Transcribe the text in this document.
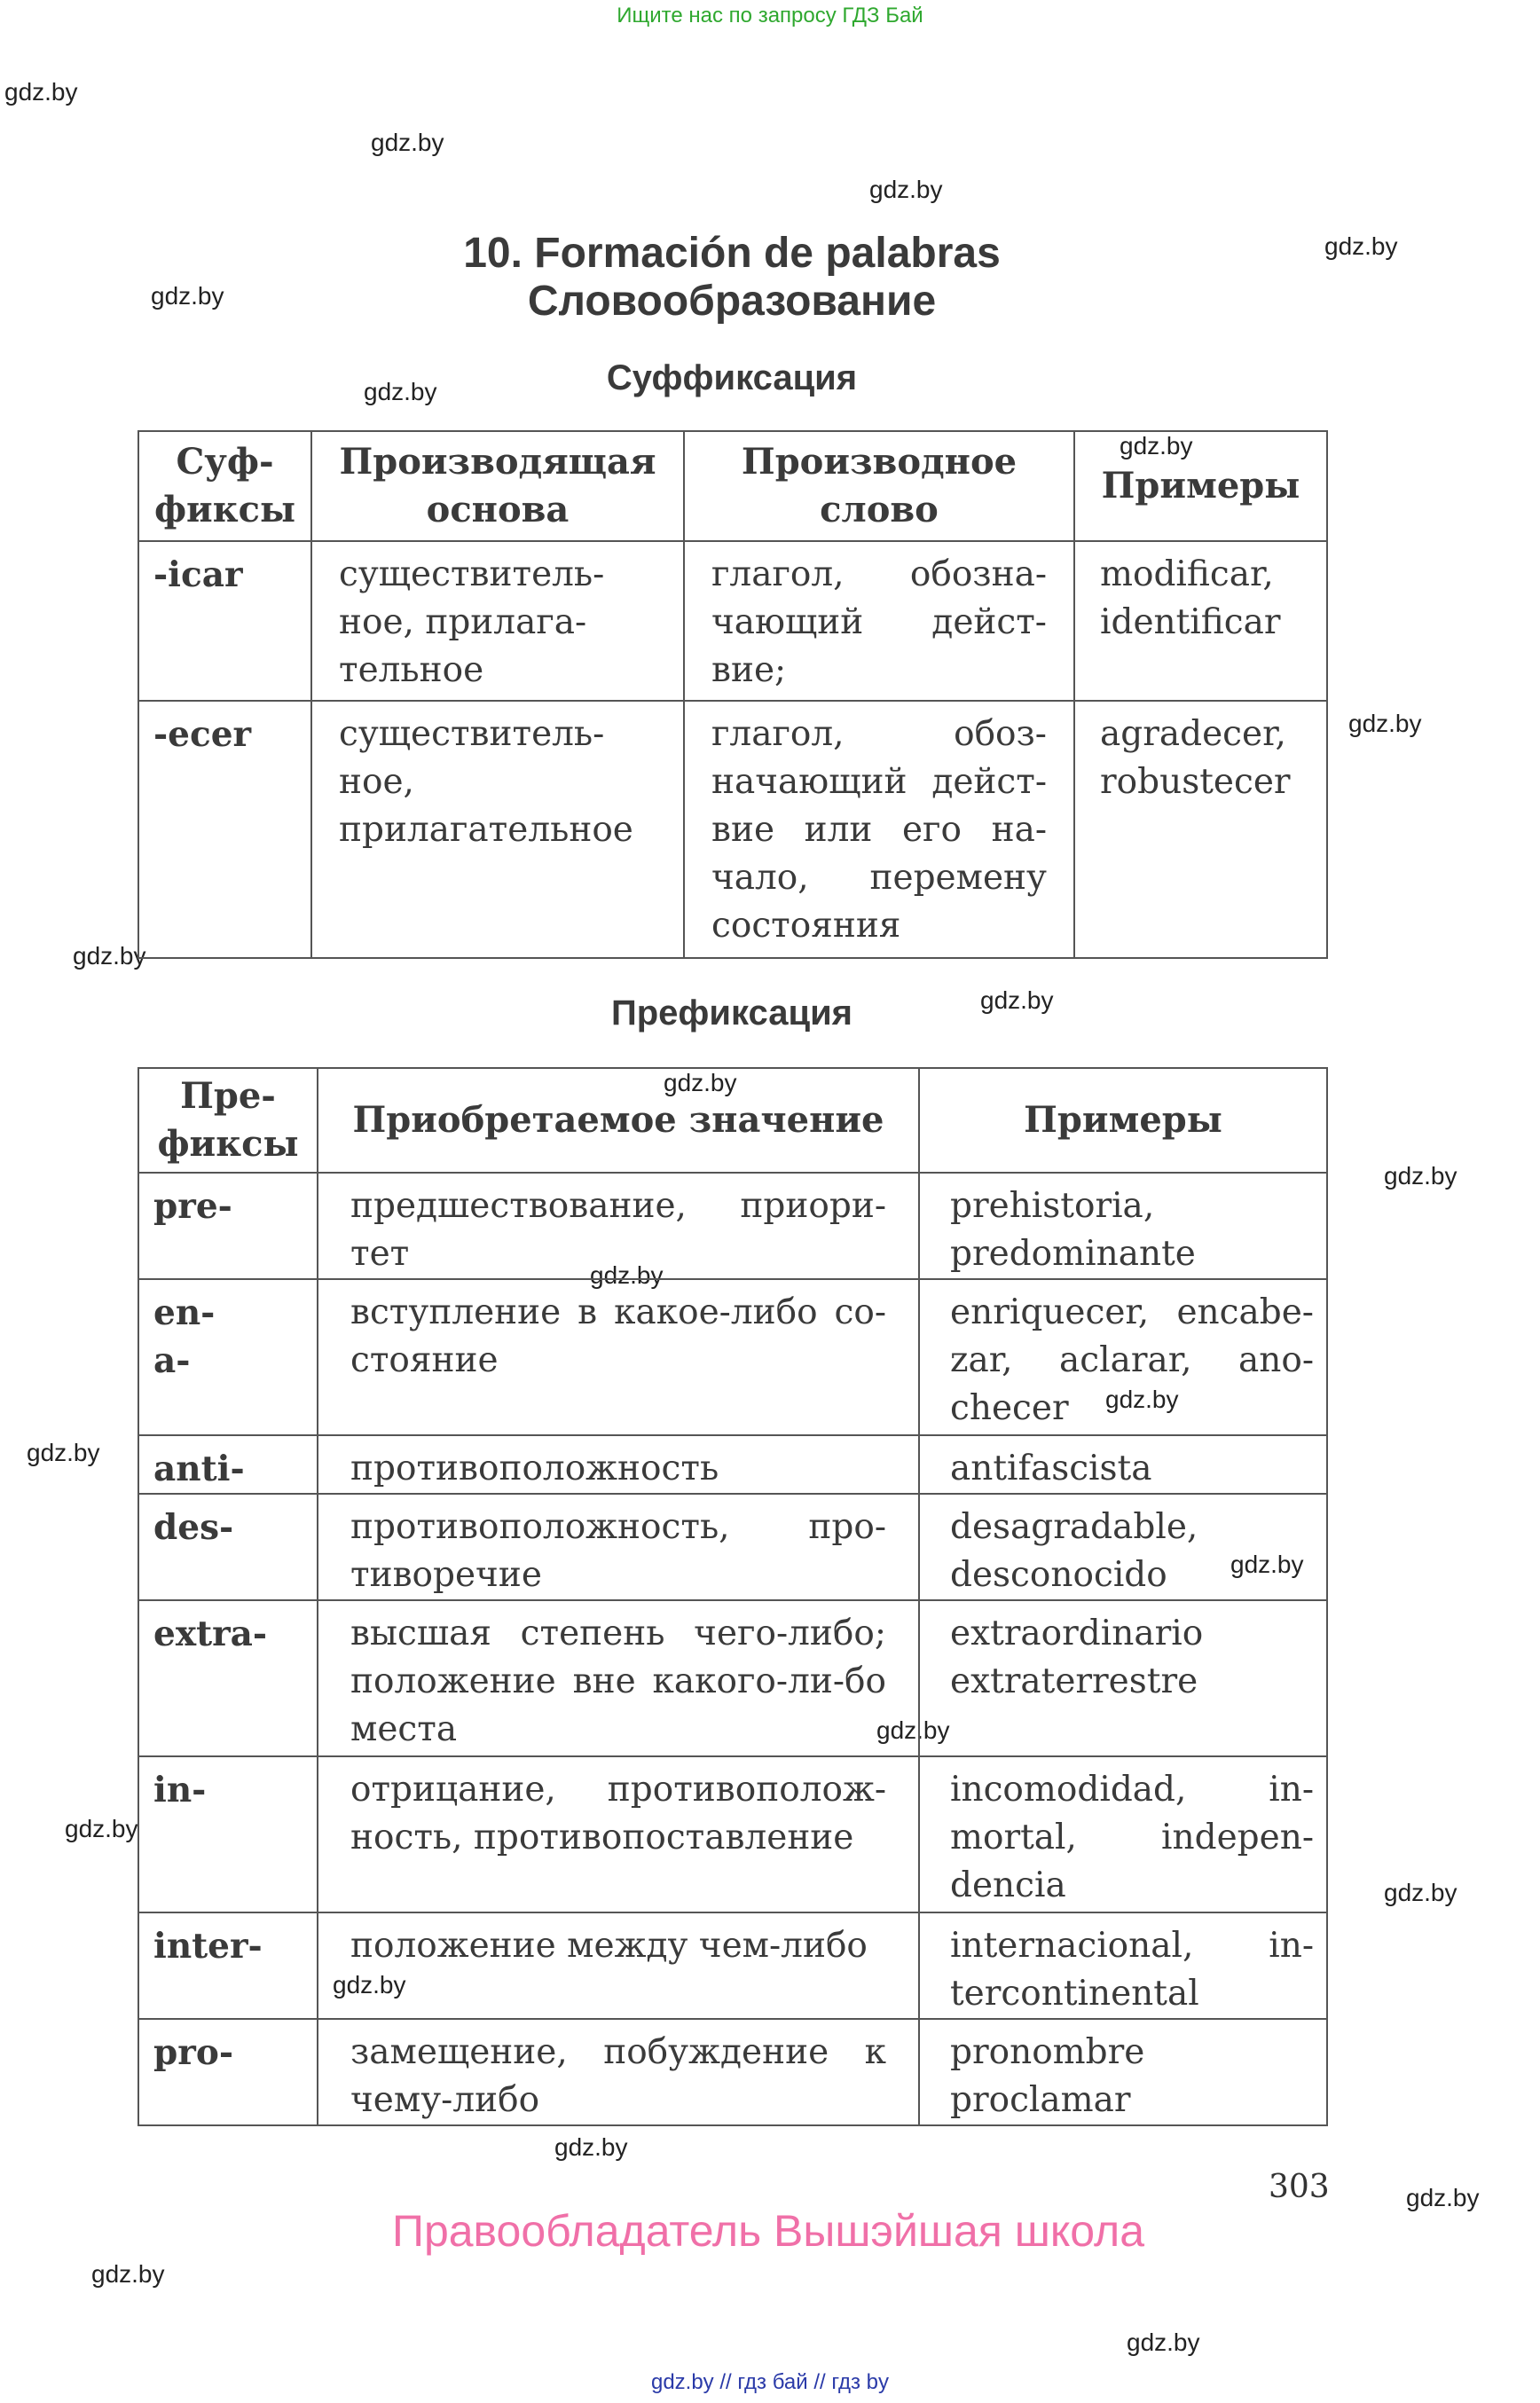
Ищите нас по запросу ГДЗ Бай
gdz.by
gdz.by
gdz.by
gdz.by
gdz.by
gdz.by
gdz.by
gdz.by
gdz.by
gdz.by
gdz.by
gdz.by
gdz.by
gdz.by
gdz.by
gdz.by
gdz.by
gdz.by
gdz.by
gdz.by
gdz.by
gdz.by
gdz.by
gdz.by
10. Formación de palabras
Словообразование
Суффиксация
Суф-фиксы	Производящая основа	Производное слово	Примеры

-icar	существитель-ное, прилага-тельное	глагол, обозна-чающий дейст-вие;	modificar, identificar

-ecer	существитель-ное, прилагательное	глагол, обоз-начающий дейст-вие или его на-чало, перемену состояния	agradecer, robustecer
Префиксация
Пре-фиксы	Приобретаемое значение	Примеры

pre-	предшествование, приори-тет	prehistoria, predominante

en- a-	вступление в какое-либо со-стояние	enriquecer, encabe-zar, aclarar, ano-checer

anti-	противоположность	antifascista

des-	противоположность, про-тиворечие	desagradable, desconocido

extra-	высшая степень чего-либо; положение вне какого-ли-бо места	extraordinario extraterrestre

in-	отрицание, противополож-ность, противопоставление	incomodidad, in-mortal, indepen-dencia

inter-	положение между чем-либо	internacional, in-tercontinental

pro-	замещение, побуждение к чему-либо	pronombre proclamar
303
Правообладатель Вышэйшая школа
gdz.by // гдз бай // гдз by
